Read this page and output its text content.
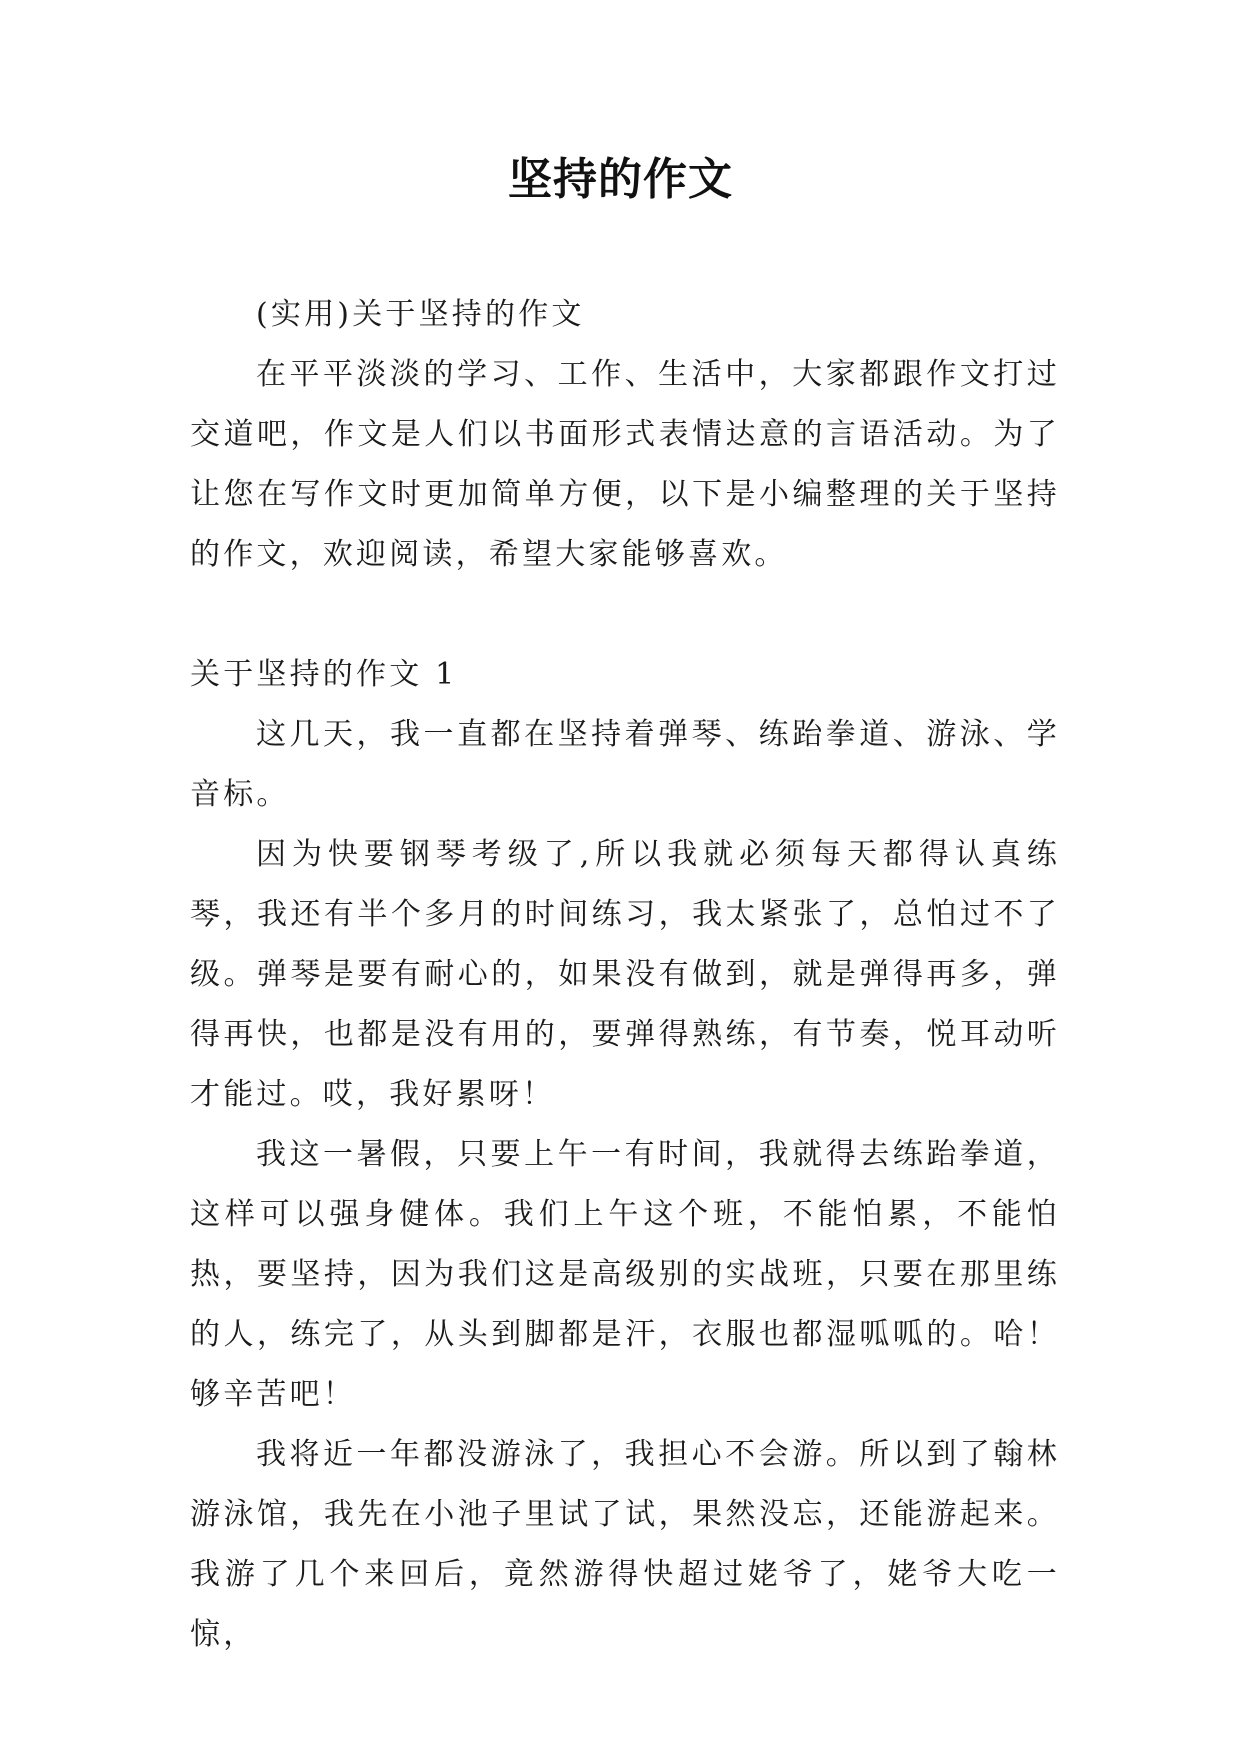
坚持的作文

(实用)关于坚持的作文

在平平淡淡的学习、工作、生活中，大家都跟作文打过交道吧，作文是人们以书面形式表情达意的言语活动。为了让您在写作文时更加简单方便，以下是小编整理的关于坚持的作文，欢迎阅读，希望大家能够喜欢。

关于坚持的作文 1

这几天，我一直都在坚持着弹琴、练跆拳道、游泳、学音标。

因为快要钢琴考级了,所以我就必须每天都得认真练琴，我还有半个多月的时间练习，我太紧张了，总怕过不了级。弹琴是要有耐心的，如果没有做到，就是弹得再多，弹得再快，也都是没有用的，要弹得熟练，有节奏，悦耳动听才能过。哎，我好累呀！

我这一暑假，只要上午一有时间，我就得去练跆拳道，这样可以强身健体。我们上午这个班，不能怕累，不能怕热，要坚持，因为我们这是高级别的实战班，只要在那里练的人，练完了，从头到脚都是汗，衣服也都湿呱呱的。哈！够辛苦吧！

我将近一年都没游泳了，我担心不会游。所以到了翰林游泳馆，我先在小池子里试了试，果然没忘，还能游起来。我游了几个来回后，竟然游得快超过姥爷了，姥爷大吃一惊，
